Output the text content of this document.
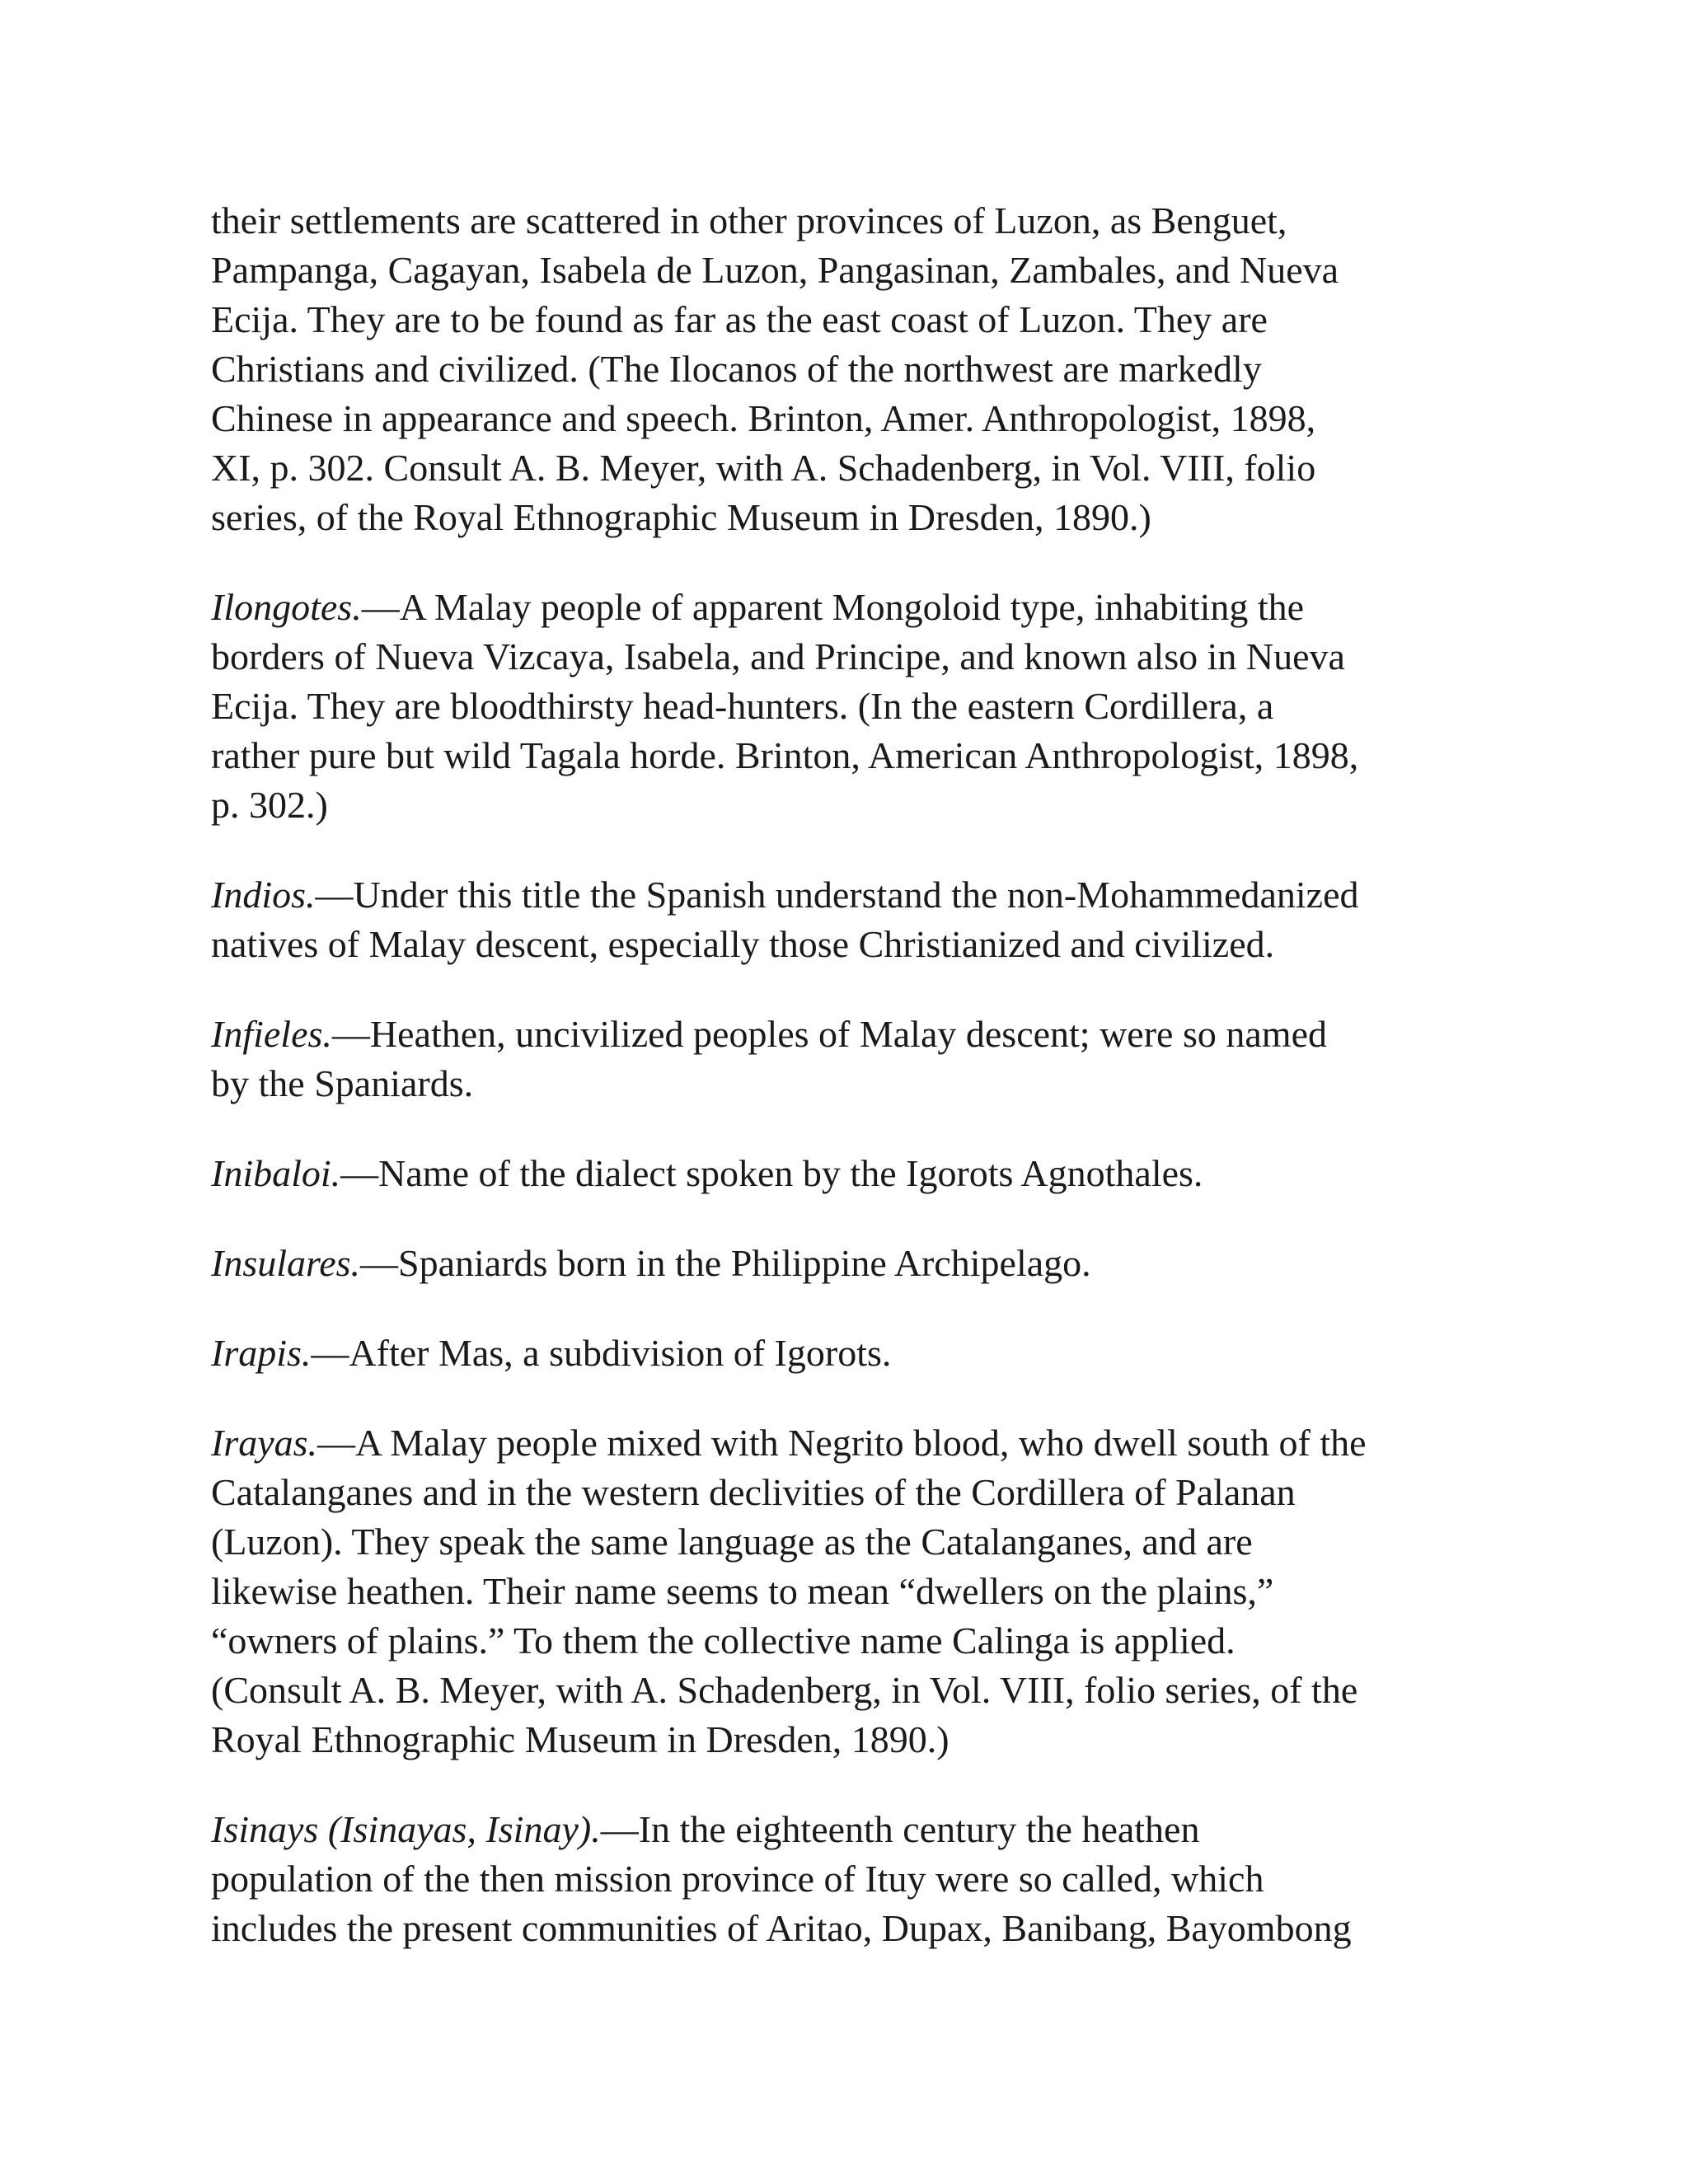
their settlements are scattered in other provinces of Luzon, as Benguet,
Pampanga, Cagayan, Isabela de Luzon, Pangasinan, Zambales, and Nueva
Ecija. They are to be found as far as the east coast of Luzon. They are
Christians and civilized. (The Ilocanos of the northwest are markedly
Chinese in appearance and speech. Brinton, Amer. Anthropologist, 1898,
XI, p. 302. Consult A. B. Meyer, with A. Schadenberg, in Vol. VIII, folio
series, of the Royal Ethnographic Museum in Dresden, 1890.)
Ilongotes.—A Malay people of apparent Mongoloid type, inhabiting the
borders of Nueva Vizcaya, Isabela, and Principe, and known also in Nueva
Ecija. They are bloodthirsty head-hunters. (In the eastern Cordillera, a
rather pure but wild Tagala horde. Brinton, American Anthropologist, 1898,
p. 302.)
Indios.—Under this title the Spanish understand the non-Mohammedanized
natives of Malay descent, especially those Christianized and civilized.
Infieles.—Heathen, uncivilized peoples of Malay descent; were so named
by the Spaniards.
Inibaloi.—Name of the dialect spoken by the Igorots Agnothales.
Insulares.—Spaniards born in the Philippine Archipelago.
Irapis.—After Mas, a subdivision of Igorots.
Irayas.—A Malay people mixed with Negrito blood, who dwell south of the
Catalanganes and in the western declivities of the Cordillera of Palanan
(Luzon). They speak the same language as the Catalanganes, and are
likewise heathen. Their name seems to mean “dwellers on the plains,”
“owners of plains.” To them the collective name Calinga is applied.
(Consult A. B. Meyer, with A. Schadenberg, in Vol. VIII, folio series, of the
Royal Ethnographic Museum in Dresden, 1890.)
Isinays (Isinayas, Isinay).—In the eighteenth century the heathen
population of the then mission province of Ituy were so called, which
includes the present communities of Aritao, Dupax, Banibang, Bayombong
